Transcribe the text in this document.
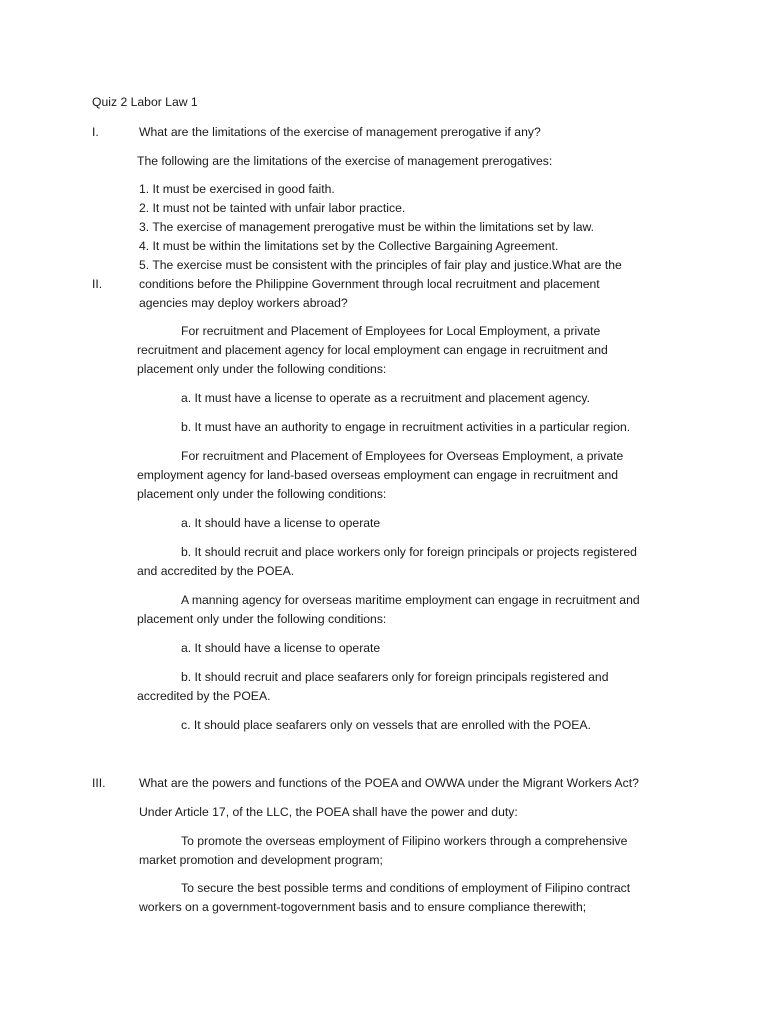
Quiz 2 Labor Law 1
I.	What are the limitations of the exercise of management prerogative if any?
The following are the limitations of the exercise of management prerogatives:
1. It must be exercised in good faith.
2. It must not be tainted with unfair labor practice.
3. The exercise of management prerogative must be within the limitations set by law.
4. It must be within the limitations set by the Collective Bargaining Agreement.
5. The exercise must be consistent with the principles of fair play and justice.What are the
II.	conditions before the Philippine Government through local recruitment and placement
agencies may deploy workers abroad?
For recruitment and Placement of Employees for Local Employment, a private
recruitment and placement agency for local employment can engage in recruitment and
placement only under the following conditions:
a. It must have a license to operate as a recruitment and placement agency.
b. It must have an authority to engage in recruitment activities in a particular region.
For recruitment and Placement of Employees for Overseas Employment, a private
employment agency for land-based overseas employment can engage in recruitment and
placement only under the following conditions:
a. It should have a license to operate
b. It should recruit and place workers only for foreign principals or projects registered
and accredited by the POEA.
A manning agency for overseas maritime employment can engage in recruitment and
placement only under the following conditions:
a. It should have a license to operate
b. It should recruit and place seafarers only for foreign principals registered and
accredited by the POEA.
c. It should place seafarers only on vessels that are enrolled with the POEA.
III.	What are the powers and functions of the POEA and OWWA under the Migrant Workers Act?
Under Article 17, of the LLC, the POEA shall have the power and duty:
To promote the overseas employment of Filipino workers through a comprehensive
market promotion and development program;
To secure the best possible terms and conditions of employment of Filipino contract
workers on a government-togovernment basis and to ensure compliance therewith;
